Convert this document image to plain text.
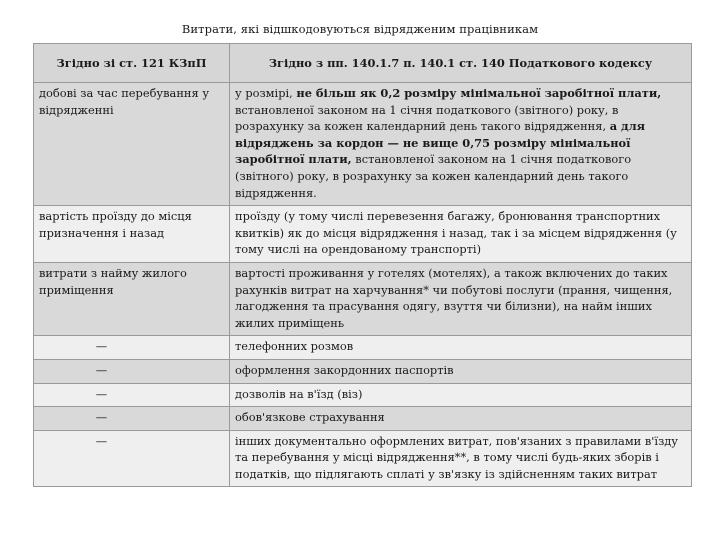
Витрати, які відшкодовуються відрядженим працівникам
Згідно зі ст. 121 КЗпП	Згідно з пп. 140.1.7 п. 140.1 ст. 140 Податкового кодексу
добові за час перебування у відрядженні	у розмірі, не більш як 0,2 розміру мінімальної заробітної плати, встановленої законом на 1 січня податкового (звітного) року, в розрахунку за кожен календарний день такого відрядження, а для відряджень за кордон — не вище 0,75 розміру мінімальної заробітної плати, встановленої законом на 1 січня податкового (звітного) року, в розрахунку за кожен календарний день такого відрядження.
вартість проїзду до місця призначення і назад	проїзду (у тому числі перевезення багажу, бронювання транспортних квитків) як до місця відрядження і назад, так і за місцем відрядження (у тому числі на орендованому транспорті)
витрати з найму жилого приміщення	вартості проживання у готелях (мотелях), а також включених до таких рахунків витрат на харчування* чи побутові послуги (прання, чищення, лагодження та прасування одягу, взуття чи білизни), на найм інших жилих приміщень
—	телефонних розмов
—	оформлення закордонних паспортів
—	дозволів на в'їзд (віз)
—	обов'язкове страхування
—	інших документально оформлених витрат, пов'язаних з правилами в'їзду та перебування у місці відрядження**, в тому числі будь-яких зборів і податків, що підлягають сплаті у зв'язку із здійсненням таких витрат
